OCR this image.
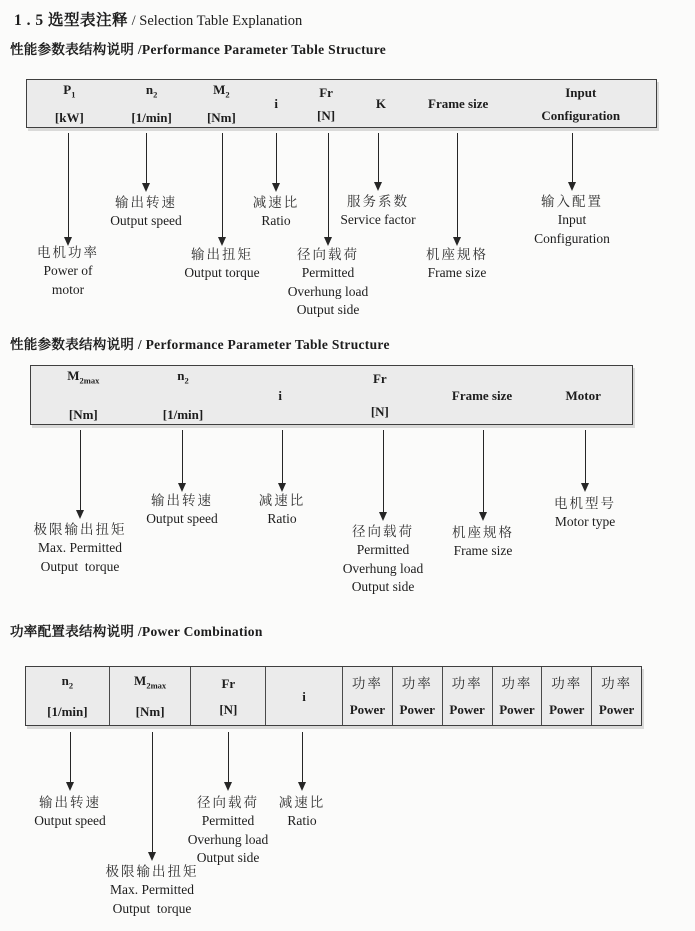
1 . 5 选型表注释 / Selection Table Explanation
性能参数表结构说明 /Performance Parameter Table Structure
性能参数表结构说明 / Performance Parameter Table Structure
功率配置表结构说明 /Power Combination
$P_1$
[kW]
$n_2$
[1/min]
$M_2$
[Nm]
i
Fr
[N]
K	Frame size
Input
Configuration
电机功率
Power of
motor
输出转速
Output speed
输出扭矩
Output torque
减速比
Ratio
径向载荷
Permitted
Overhung load
Output side
服务系数
Service factor
机座规格
Frame size
输入配置
Input
Configuration
$M_{2max}$
[Nm]
$n_2$
[1/min]
i
Fr
[N]
Frame size	Motor
极限输出扭矩
Max. Permitted
Output  torque
输出转速
Output speed
减速比
Ratio
径向载荷
Permitted
Overhung load
Output side
机座规格
Frame size
电机型号
Motor type
$n_2$
[1/min]
$M_{2max}$
[Nm]
Fr
[N]
i
功率
Power
功率
Power
功率
Power
功率
Power
功率
Power
功率
Power
输出转速
Output speed
极限输出扭矩
Max. Permitted
Output  torque
径向载荷
Permitted
Overhung load
Output side
减速比
Ratio
